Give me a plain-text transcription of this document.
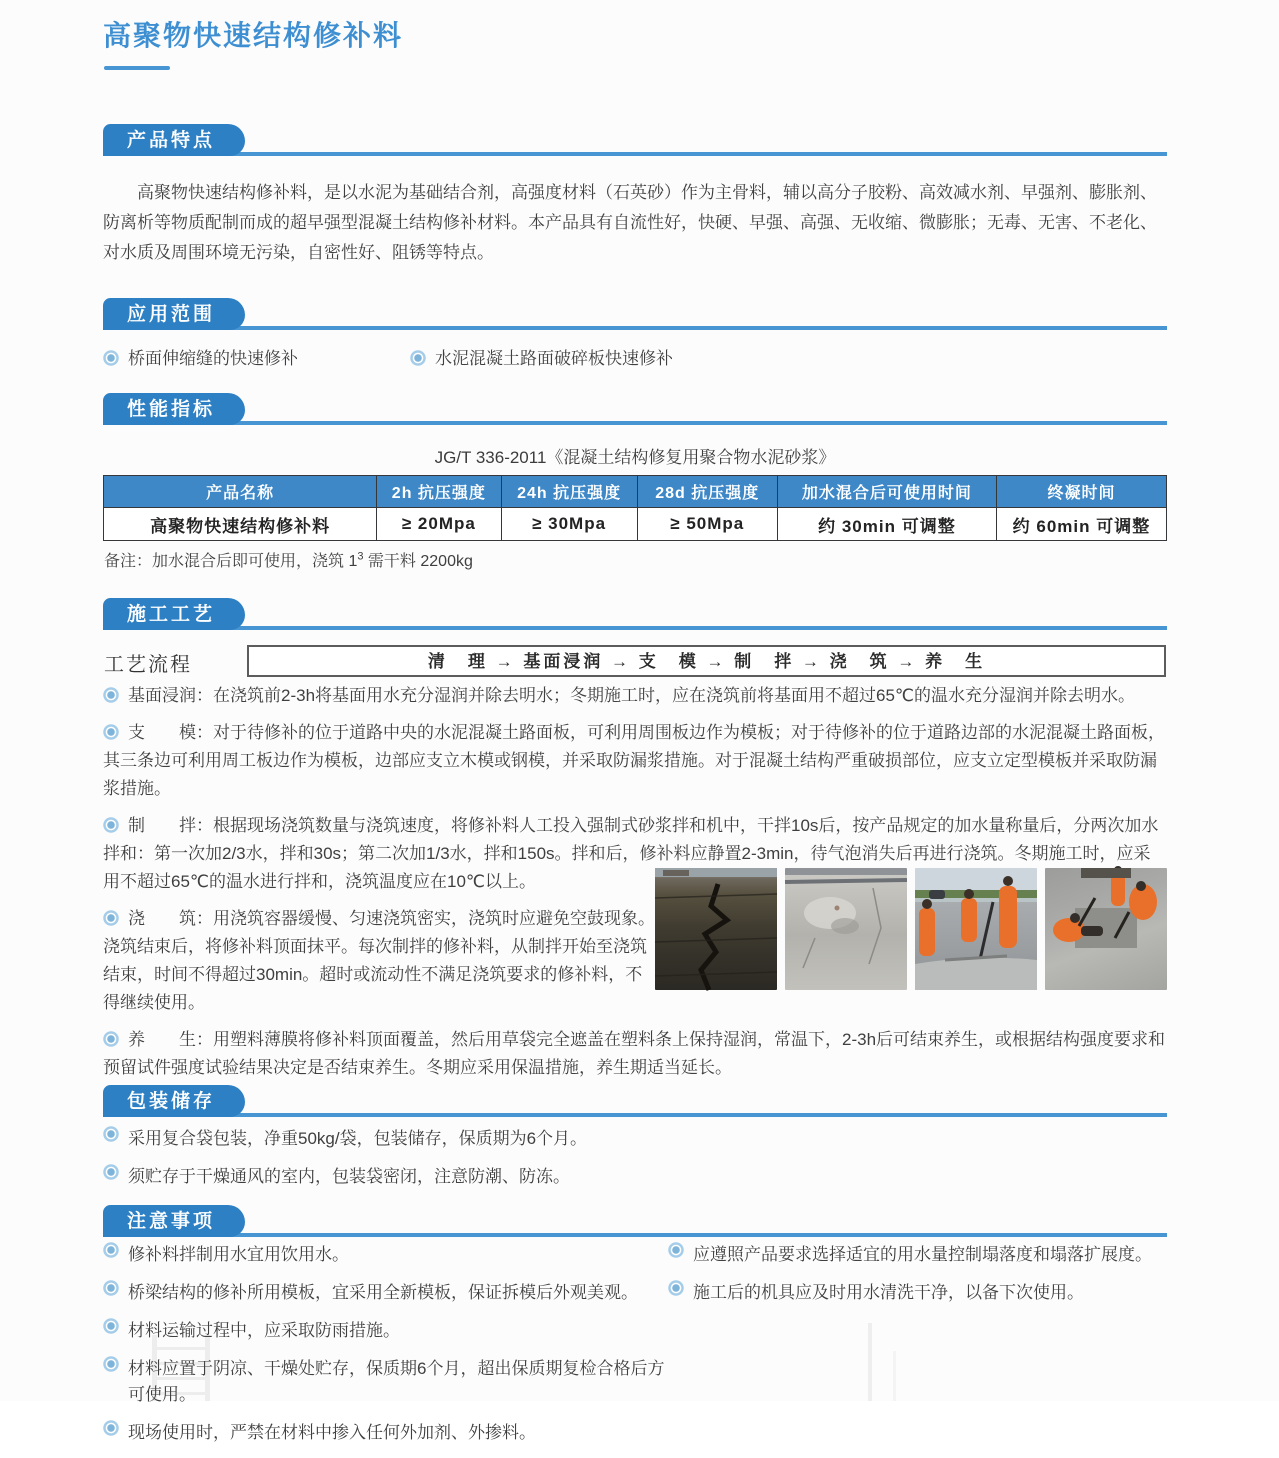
高聚物快速结构修补料
产品特点
高聚物快速结构修补料，是以水泥为基础结合剂，高强度材料（石英砂）作为主骨料，辅以高分子胶粉、高效减水剂、早强剂、膨胀剂、防离析等物质配制而成的超早强型混凝土结构修补材料。本产品具有自流性好，快硬、早强、高强、无收缩、微膨胀；无毒、无害、不老化、对水质及周围环境无污染，自密性好、阻锈等特点。
应用范围
桥面伸缩缝的快速修补	水泥混凝土路面破碎板快速修补
性能指标
JG/T 336-2011《混凝土结构修复用聚合物水泥砂浆》
产品名称	2h 抗压强度	24h 抗压强度	28d 抗压强度	加水混合后可使用时间	终凝时间
高聚物快速结构修补料	≥ 20Mpa	≥ 30Mpa	≥ 50Mpa	约 30min 可调整	约 60min 可调整
备注：加水混合后即可使用，浇筑 $1^3$ 需干料 2200kg
施工工艺
工艺流程	清　理 → 基面浸润 → 支　模 → 制　拌 → 浇　筑 → 养　生

基面浸润：在浇筑前2-3h将基面用水充分湿润并除去明水；冬期施工时，应在浇筑前将基面用不超过65℃的温水充分湿润并除去明水。

支　　模：对于待修补的位于道路中央的水泥混凝土路面板，可利用周围板边作为模板；对于待修补的位于道路边部的水泥混凝土路面板，其三条边可利用周工板边作为模板，边部应支立木模或钢模，并采取防漏浆措施。对于混凝土结构严重破损部位，应支立定型模板并采取防漏浆措施。

制　　拌：根据现场浇筑数量与浇筑速度，将修补料人工投入强制式砂浆拌和机中，干拌10s后，按产品规定的加水量称量后，分两次加水拌和：第一次加2/3水，拌和30s；第二次加1/3水，拌和150s。拌和后，修补料应静置2-3min，待气泡消失后再进行浇筑。冬期施工时，应采用不超过65℃的温水进行拌和，浇筑温度应在10℃以上。

浇　　筑：用浇筑容器缓慢、匀速浇筑密实，浇筑时应避免空鼓现象。浇筑结束后，将修补料顶面抹平。每次制拌的修补料，从制拌开始至浇筑结束，时间不得超过30min。超时或流动性不满足浇筑要求的修补料，不得继续使用。

养　　生：用塑料薄膜将修补料顶面覆盖，然后用草袋完全遮盖在塑料条上保持湿润，常温下，2-3h后可结束养生，或根据结构强度要求和预留试件强度试验结果决定是否结束养生。冬期应采用保温措施，养生期适当延长。

包装储存
采用复合袋包装，净重50kg/袋，包装储存，保质期为6个月。
须贮存于干燥通风的室内，包装袋密闭，注意防潮、防冻。
注意事项
修补料拌制用水宜用饮用水。
桥梁结构的修补所用模板，宜采用全新模板，保证拆模后外观美观。
材料运输过程中，应采取防雨措施。
材料应置于阴凉、干燥处贮存，保质期6个月，超出保质期复检合格后方可使用。
现场使用时，严禁在材料中掺入任何外加剂、外掺料。
应遵照产品要求选择适宜的用水量控制塌落度和塌落扩展度。
施工后的机具应及时用水清洗干净，以备下次使用。
